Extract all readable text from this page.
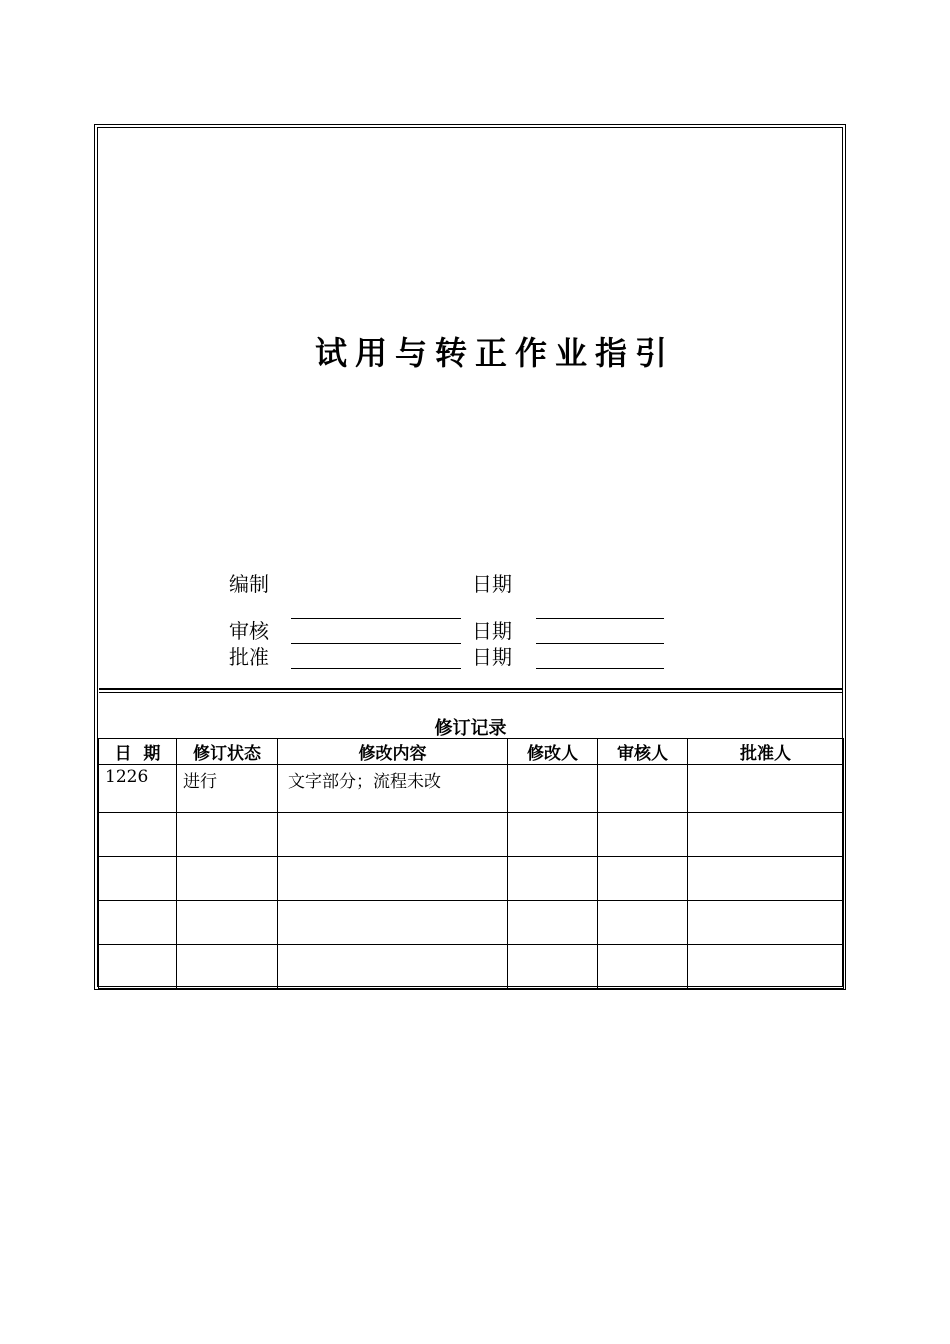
试用与转正作业指引
编制	日期
审核	日期
批准	日期
修订记录
日  期	修订状态	修改内容	修改人	审核人	批准人
1226	进行	文字部分；流程未改			
